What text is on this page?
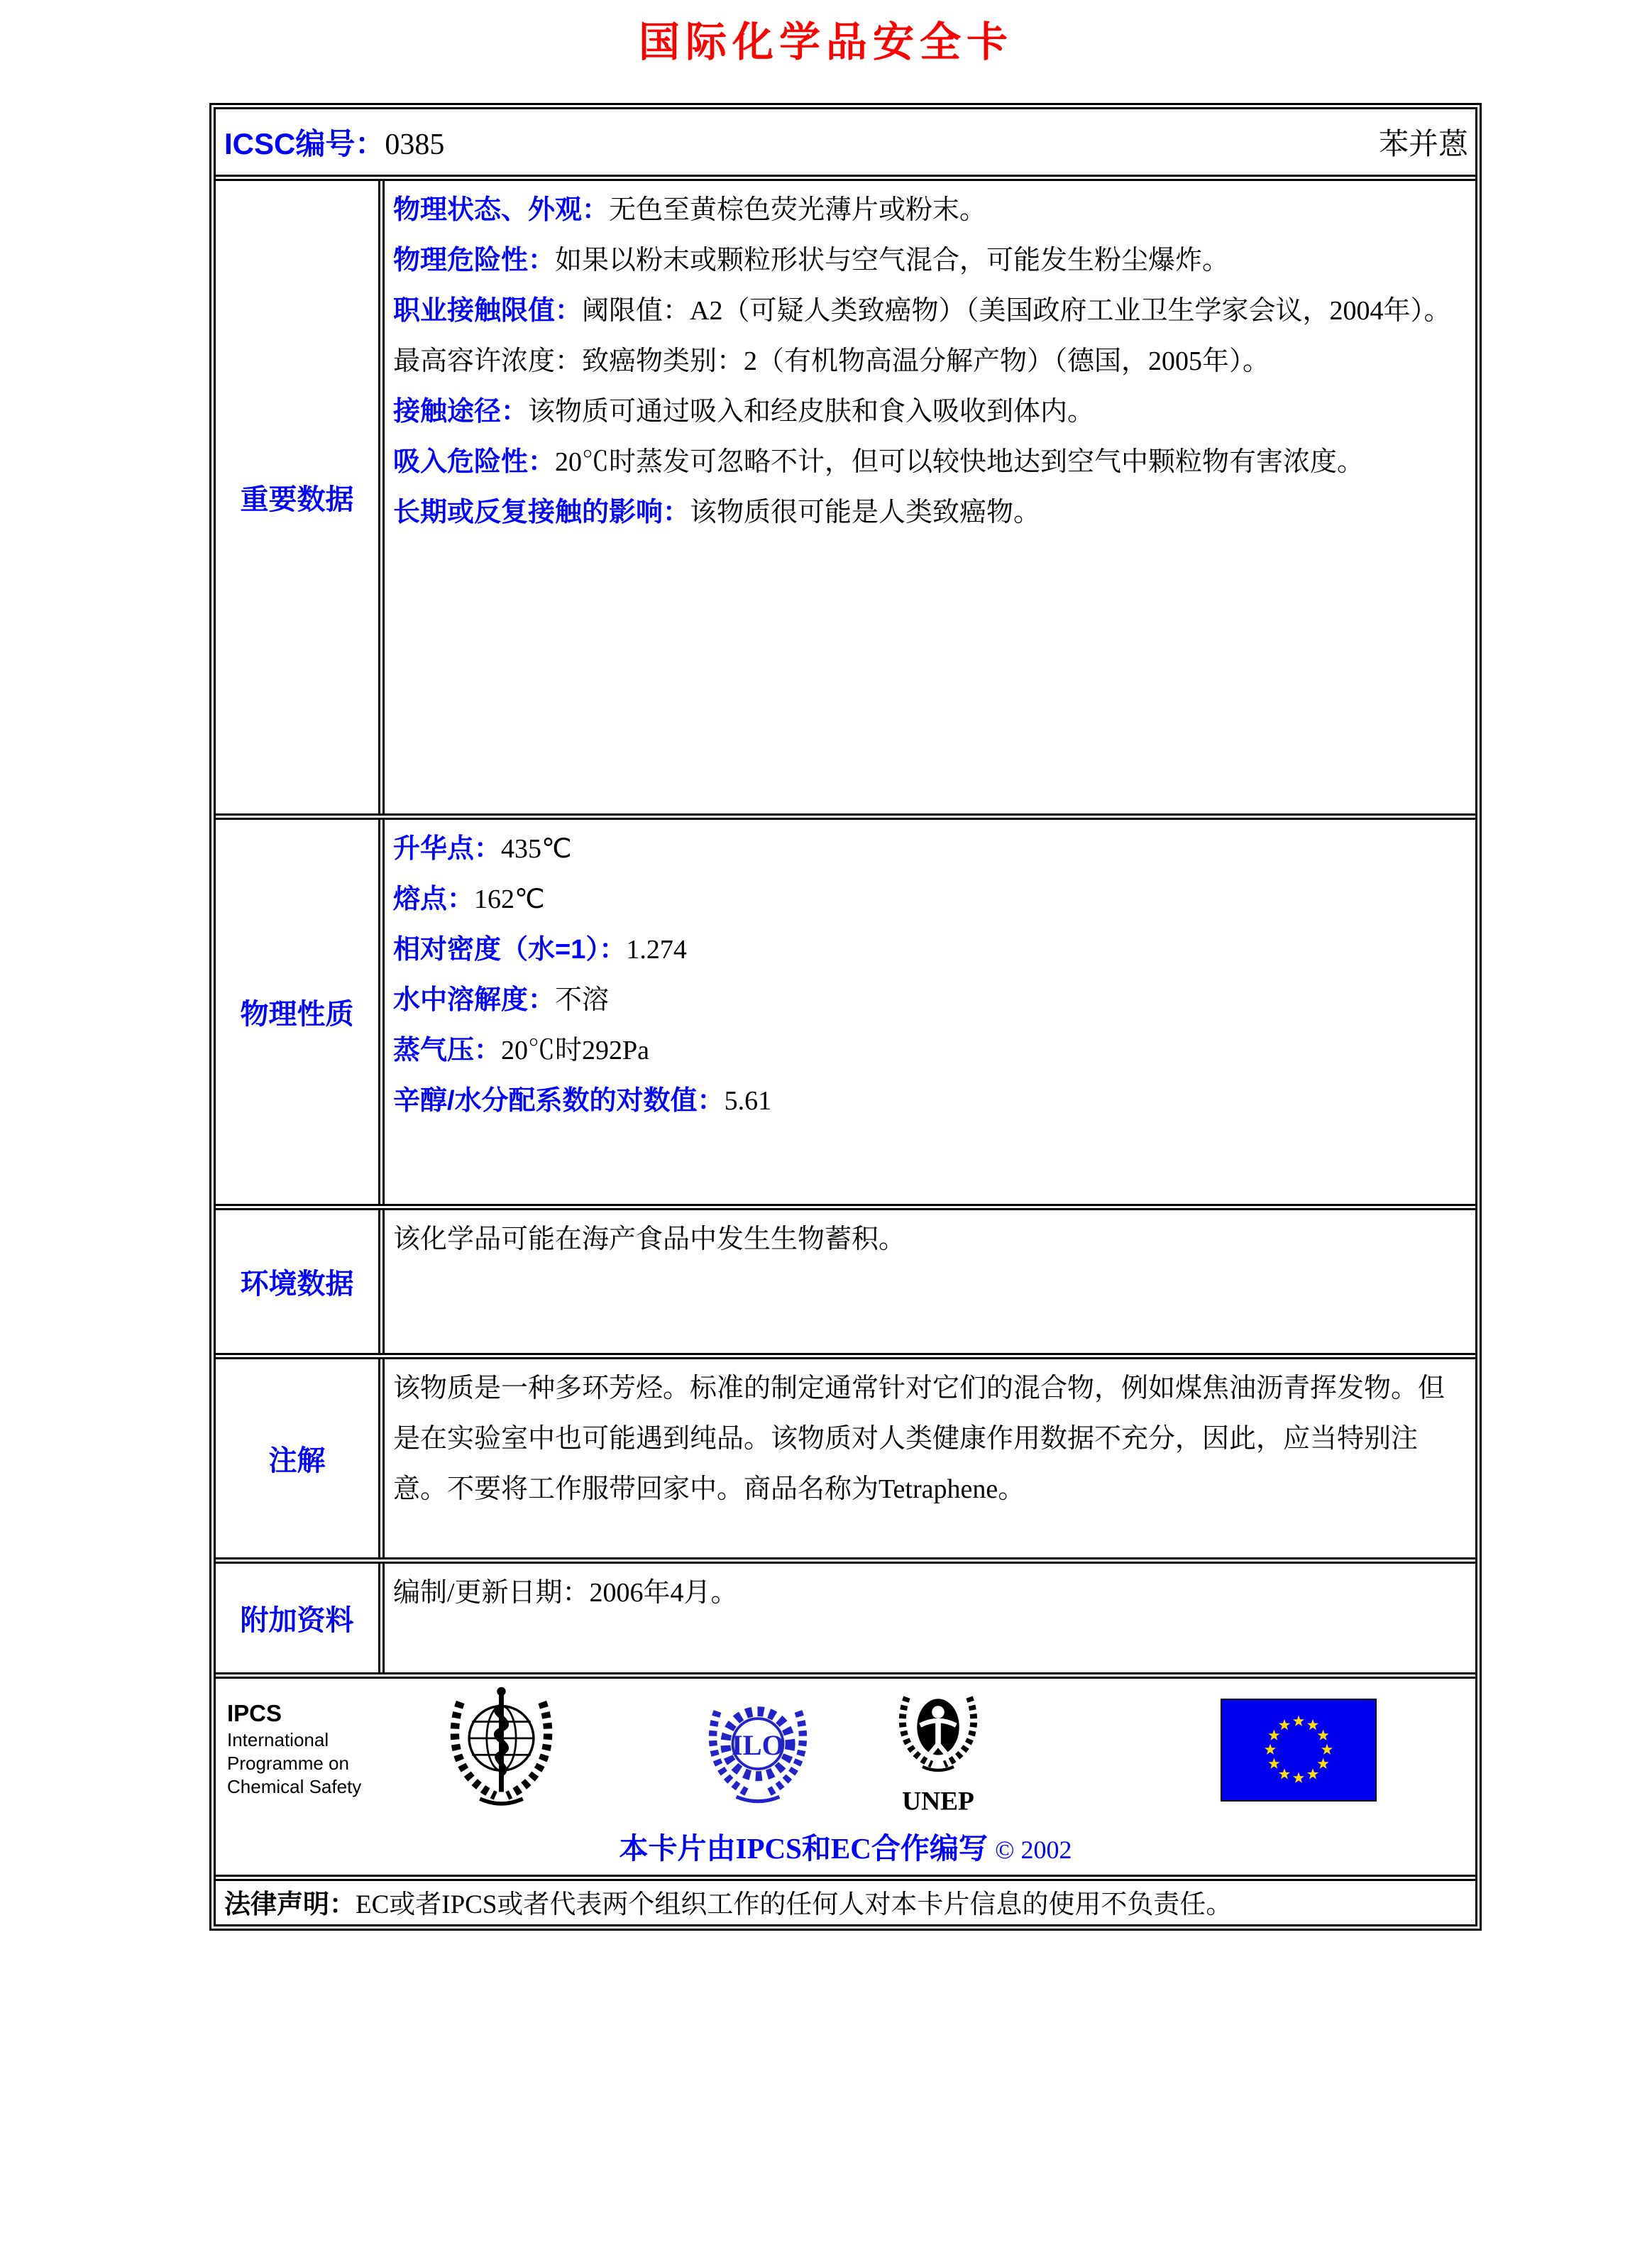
国际化学品安全卡
ICSC编号：0385	苯并蒽
重要数据

物理状态、外观：无色至黄棕色荧光薄片或粉末。

物理危险性：如果以粉末或颗粒形状与空气混合，可能发生粉尘爆炸。

职业接触限值：阈限值：A2（可疑人类致癌物）（美国政府工业卫生学家会议，2004年）。最高容许浓度：致癌物类别：2（有机物高温分解产物）（德国，2005年）。

接触途径：该物质可通过吸入和经皮肤和食入吸收到体内。

吸入危险性：20℃时蒸发可忽略不计，但可以较快地达到空气中颗粒物有害浓度。

长期或反复接触的影响：该物质很可能是人类致癌物。

物理性质

升华点：435℃

熔点：162℃

相对密度（水=1）：1.274

水中溶解度：不溶

蒸气压：20℃时292Pa

辛醇/水分配系数的对数值：5.61

环境数据

该化学品可能在海产食品中发生生物蓄积。

注解

该物质是一种多环芳烃。标准的制定通常针对它们的混合物，例如煤焦油沥青挥发物。但是在实验室中也可能遇到纯品。该物质对人类健康作用数据不充分，因此，应当特别注意。不要将工作服带回家中。商品名称为Tetraphene。

附加资料

编制/更新日期：2006年4月。

IPCS
International
Programme on
Chemical Safety
ILO
UNEP
本卡片由IPCS和EC合作编写 © 2002
法律声明：EC或者IPCS或者代表两个组织工作的任何人对本卡片信息的使用不负责任。
